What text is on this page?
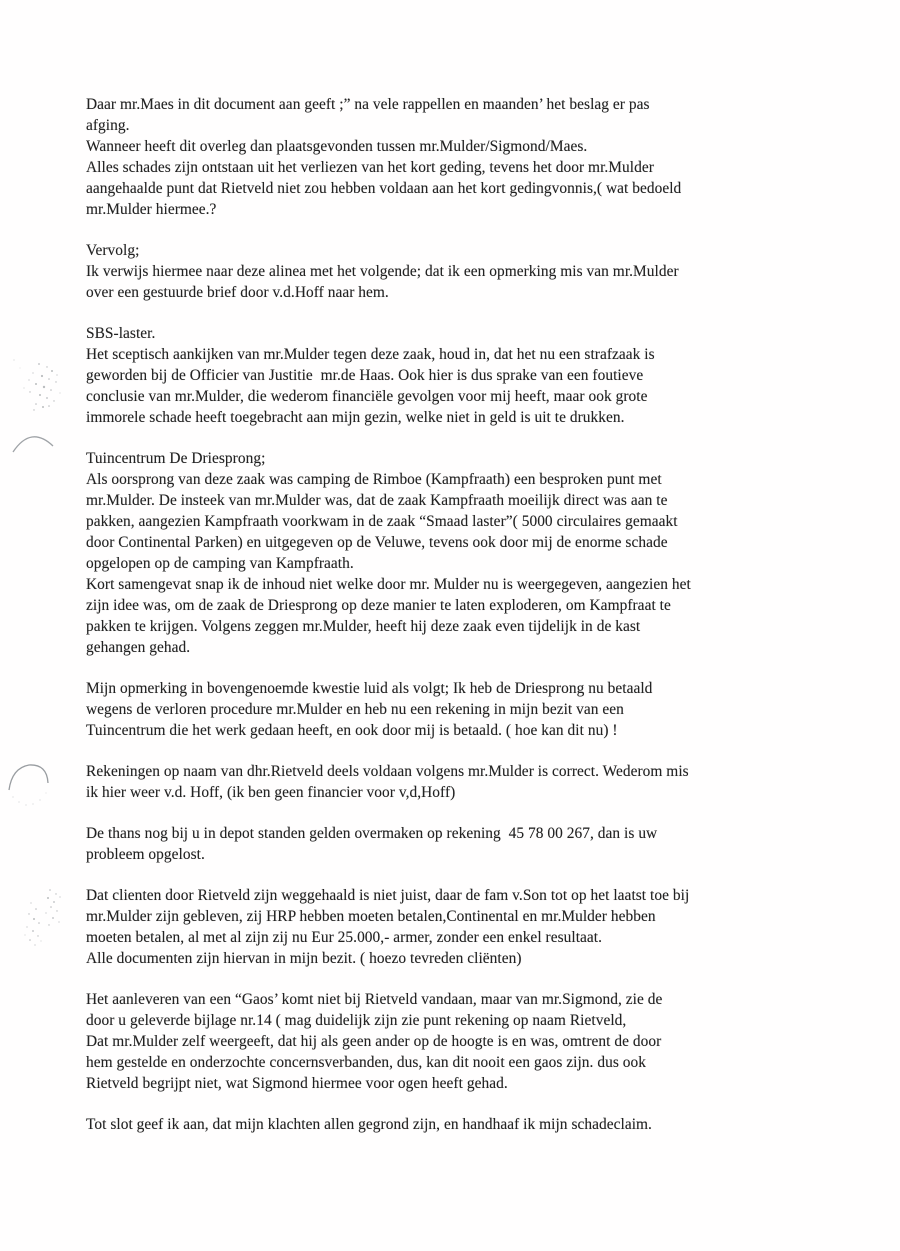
Daar mr.Maes in dit document aan geeft ;” na vele rappellen en maanden’ het beslag er pas
afging.
Wanneer heeft dit overleg dan plaatsgevonden tussen mr.Mulder/Sigmond/Maes.
Alles schades zijn ontstaan uit het verliezen van het kort geding, tevens het door mr.Mulder
aangehaalde punt dat Rietveld niet zou hebben voldaan aan het kort gedingvonnis,( wat bedoeld
mr.Mulder hiermee.?
Vervolg;
Ik verwijs hiermee naar deze alinea met het volgende; dat ik een opmerking mis van mr.Mulder
over een gestuurde brief door v.d.Hoff naar hem.
SBS-laster.
Het sceptisch aankijken van mr.Mulder tegen deze zaak, houd in, dat het nu een strafzaak is
geworden bij de Officier van Justitie  mr.de Haas. Ook hier is dus sprake van een foutieve
conclusie van mr.Mulder, die wederom financiële gevolgen voor mij heeft, maar ook grote
immorele schade heeft toegebracht aan mijn gezin, welke niet in geld is uit te drukken.
Tuincentrum De Driesprong;
Als oorsprong van deze zaak was camping de Rimboe (Kampfraath) een besproken punt met
mr.Mulder. De insteek van mr.Mulder was, dat de zaak Kampfraath moeilijk direct was aan te
pakken, aangezien Kampfraath voorkwam in de zaak “Smaad laster”( 5000 circulaires gemaakt
door Continental Parken) en uitgegeven op de Veluwe, tevens ook door mij de enorme schade
opgelopen op de camping van Kampfraath.
Kort samengevat snap ik de inhoud niet welke door mr. Mulder nu is weergegeven, aangezien het
zijn idee was, om de zaak de Driesprong op deze manier te laten exploderen, om Kampfraat te
pakken te krijgen. Volgens zeggen mr.Mulder, heeft hij deze zaak even tijdelijk in de kast
gehangen gehad.
Mijn opmerking in bovengenoemde kwestie luid als volgt; Ik heb de Driesprong nu betaald
wegens de verloren procedure mr.Mulder en heb nu een rekening in mijn bezit van een
Tuincentrum die het werk gedaan heeft, en ook door mij is betaald. ( hoe kan dit nu) !
Rekeningen op naam van dhr.Rietveld deels voldaan volgens mr.Mulder is correct. Wederom mis
ik hier weer v.d. Hoff, (ik ben geen financier voor v,d,Hoff)
De thans nog bij u in depot standen gelden overmaken op rekening  45 78 00 267, dan is uw
probleem opgelost.
Dat clienten door Rietveld zijn weggehaald is niet juist, daar de fam v.Son tot op het laatst toe bij
mr.Mulder zijn gebleven, zij HRP hebben moeten betalen,Continental en mr.Mulder hebben
moeten betalen, al met al zijn zij nu Eur 25.000,- armer, zonder een enkel resultaat.
Alle documenten zijn hiervan in mijn bezit. ( hoezo tevreden cliënten)
Het aanleveren van een “Gaos’ komt niet bij Rietveld vandaan, maar van mr.Sigmond, zie de
door u geleverde bijlage nr.14 ( mag duidelijk zijn zie punt rekening op naam Rietveld,
Dat mr.Mulder zelf weergeeft, dat hij als geen ander op de hoogte is en was, omtrent de door
hem gestelde en onderzochte concernsverbanden, dus, kan dit nooit een gaos zijn. dus ook
Rietveld begrijpt niet, wat Sigmond hiermee voor ogen heeft gehad.
Tot slot geef ik aan, dat mijn klachten allen gegrond zijn, en handhaaf ik mijn schadeclaim.
